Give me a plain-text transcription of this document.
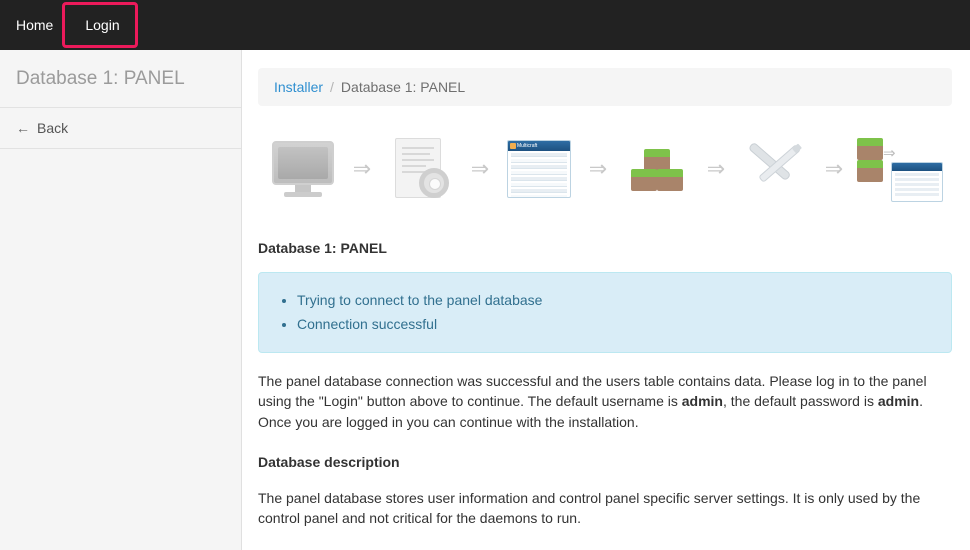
Home	Login
Database 1: PANEL
← Back
Installer / Database 1: PANEL
⇒	⇒
Multicraft
⇒	⇒	⇒
⇒
Database 1: PANEL
• Trying to connect to the panel database
• Connection successful

The panel database connection was successful and the users table contains data. Please log in to the panel using the "Login" button above to continue. The default username is admin, the default password is admin. Once you are logged in you can continue with the installation.

Database description

The panel database stores user information and control panel specific server settings. It is only used by the control panel and not critical for the daemons to run.
